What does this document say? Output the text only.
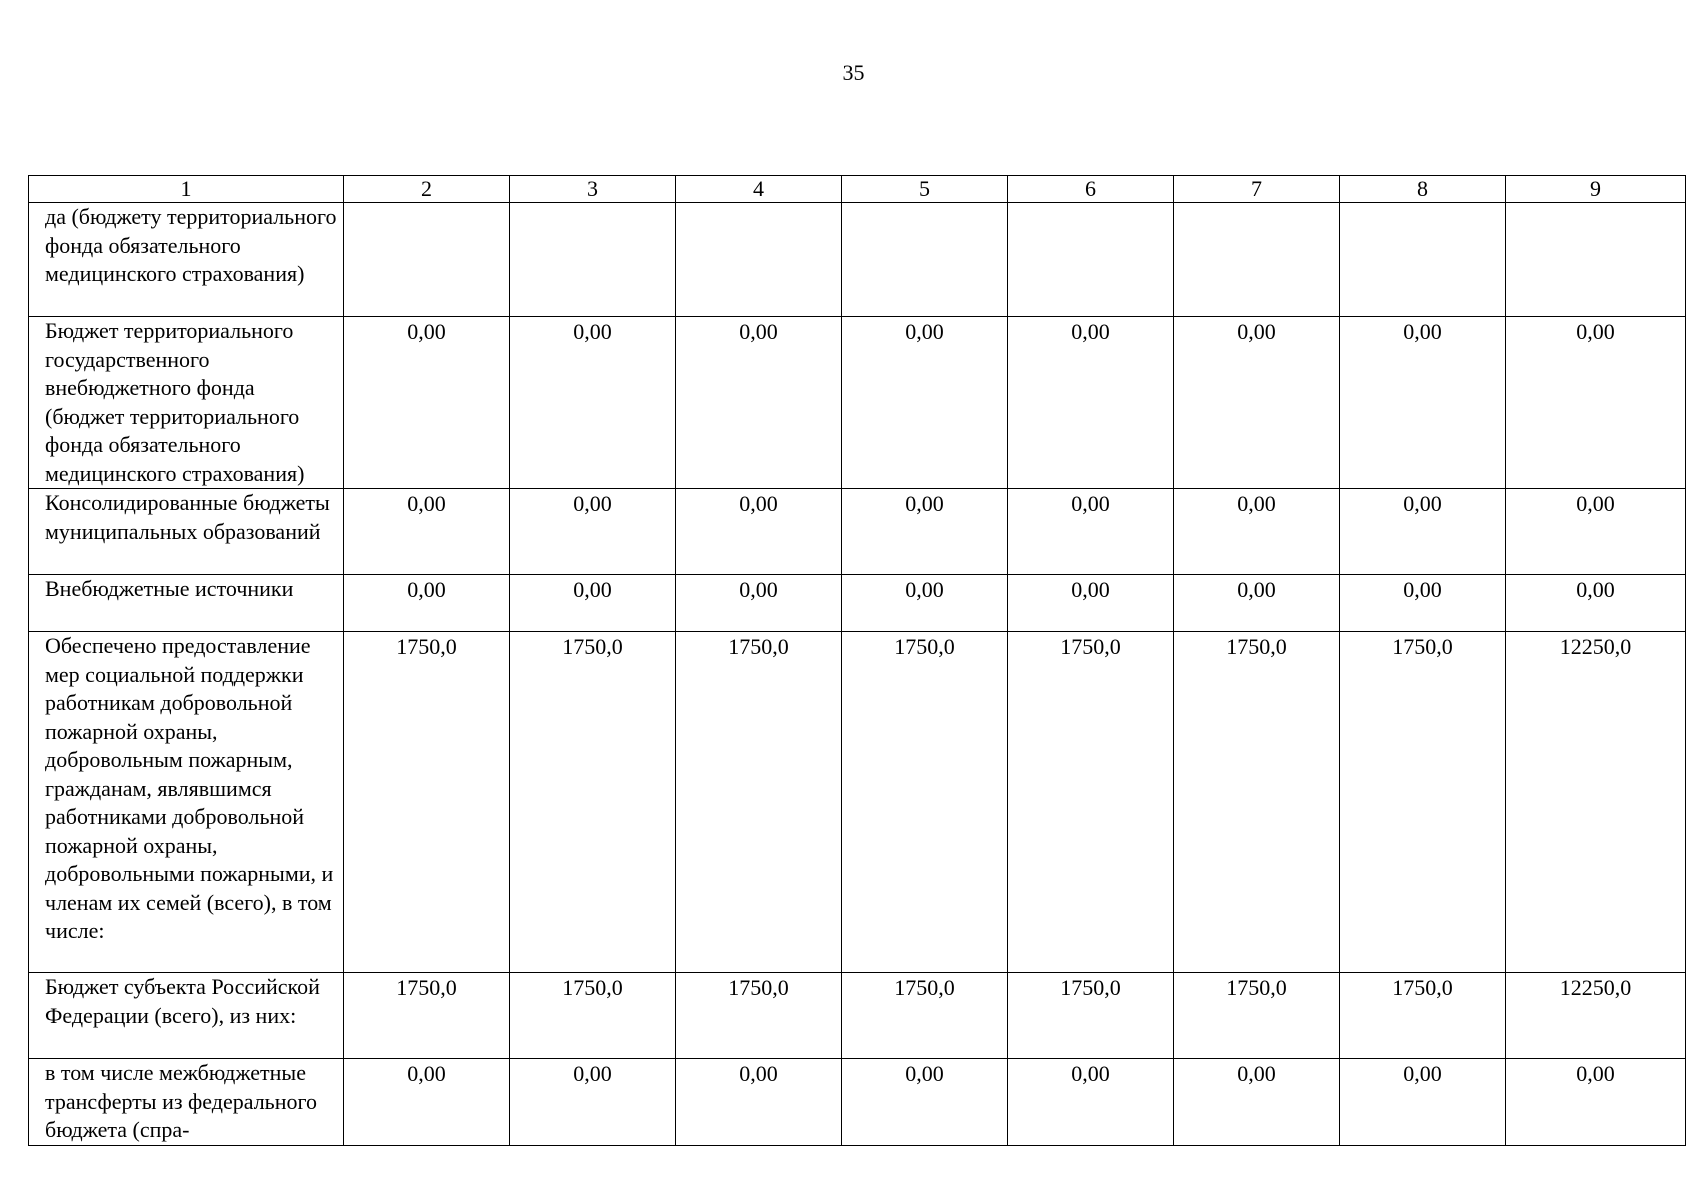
35
1	2	3	4	5	6	7	8	9
да (бюджету территориального фонда обязательного медицинского страхования)								
Бюджет территориального государственного внебюджетного фонда (бюджет территориального фонда обязательного медицинского страхования)	0,00	0,00	0,00	0,00	0,00	0,00	0,00	0,00
Консолидированные бюджеты муниципальных образований	0,00	0,00	0,00	0,00	0,00	0,00	0,00	0,00
Внебюджетные источники	0,00	0,00	0,00	0,00	0,00	0,00	0,00	0,00
Обеспечено предоставление мер социальной поддержки работникам добровольной пожарной охраны, добровольным пожарным, гражданам, являвшимся работниками добровольной пожарной охраны, добровольными пожарными, и членам их семей (всего), в том числе:	1750,0	1750,0	1750,0	1750,0	1750,0	1750,0	1750,0	12250,0
Бюджет субъекта Российской Федерации (всего), из них:	1750,0	1750,0	1750,0	1750,0	1750,0	1750,0	1750,0	12250,0
в том числе межбюджетные трансферты из федерального бюджета (спра-	0,00	0,00	0,00	0,00	0,00	0,00	0,00	0,00
